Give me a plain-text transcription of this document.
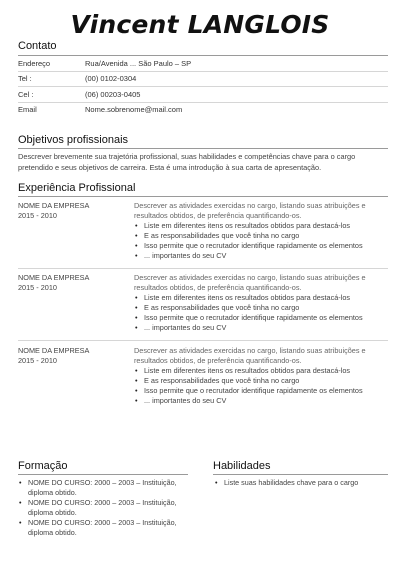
Vincent LANGLOIS
Contato
Endereço	Rua/Avenida ... São Paulo – SP
Tel :	(00) 0102-0304
Cel :	(06) 00203-0405
Email	Nome.sobrenome@mail.com
Objetivos profissionais
Descrever brevemente sua trajetória profissional, suas habilidades e competências chave para o cargo pretendido e seus objetivos de carreira. Esta é uma introdução à sua carta de apresentação.
Experiência Profissional
NOME DA EMPRESA
2015 - 2010
Descrever as atividades exercidas no cargo, listando suas atribuições e resultados obtidos, de preferência quantificando-os.
• Liste em diferentes itens os resultados obtidos para destacá-los
• E as responsabilidades que você tinha no cargo
• Isso permite que o recrutador identifique rapidamente os elementos
• ... importantes do seu CV
NOME DA EMPRESA
2015 - 2010
Descrever as atividades exercidas no cargo, listando suas atribuições e resultados obtidos, de preferência quantificando-os.
• Liste em diferentes itens os resultados obtidos para destacá-los
• E as responsabilidades que você tinha no cargo
• Isso permite que o recrutador identifique rapidamente os elementos
• ... importantes do seu CV
NOME DA EMPRESA
2015 - 2010
Descrever as atividades exercidas no cargo, listando suas atribuições e resultados obtidos, de preferência quantificando-os.
• Liste em diferentes itens os resultados obtidos para destacá-los
• E as responsabilidades que você tinha no cargo
• Isso permite que o recrutador identifique rapidamente os elementos
• ... importantes do seu CV
Formação
• NOME DO CURSO: 2000 – 2003 – Instituição, diploma obtido.
• NOME DO CURSO: 2000 – 2003 – Instituição, diploma obtido.
• NOME DO CURSO: 2000 – 2003 – Instituição, diploma obtido.
Habilidades
• Liste suas habilidades chave para o cargo
